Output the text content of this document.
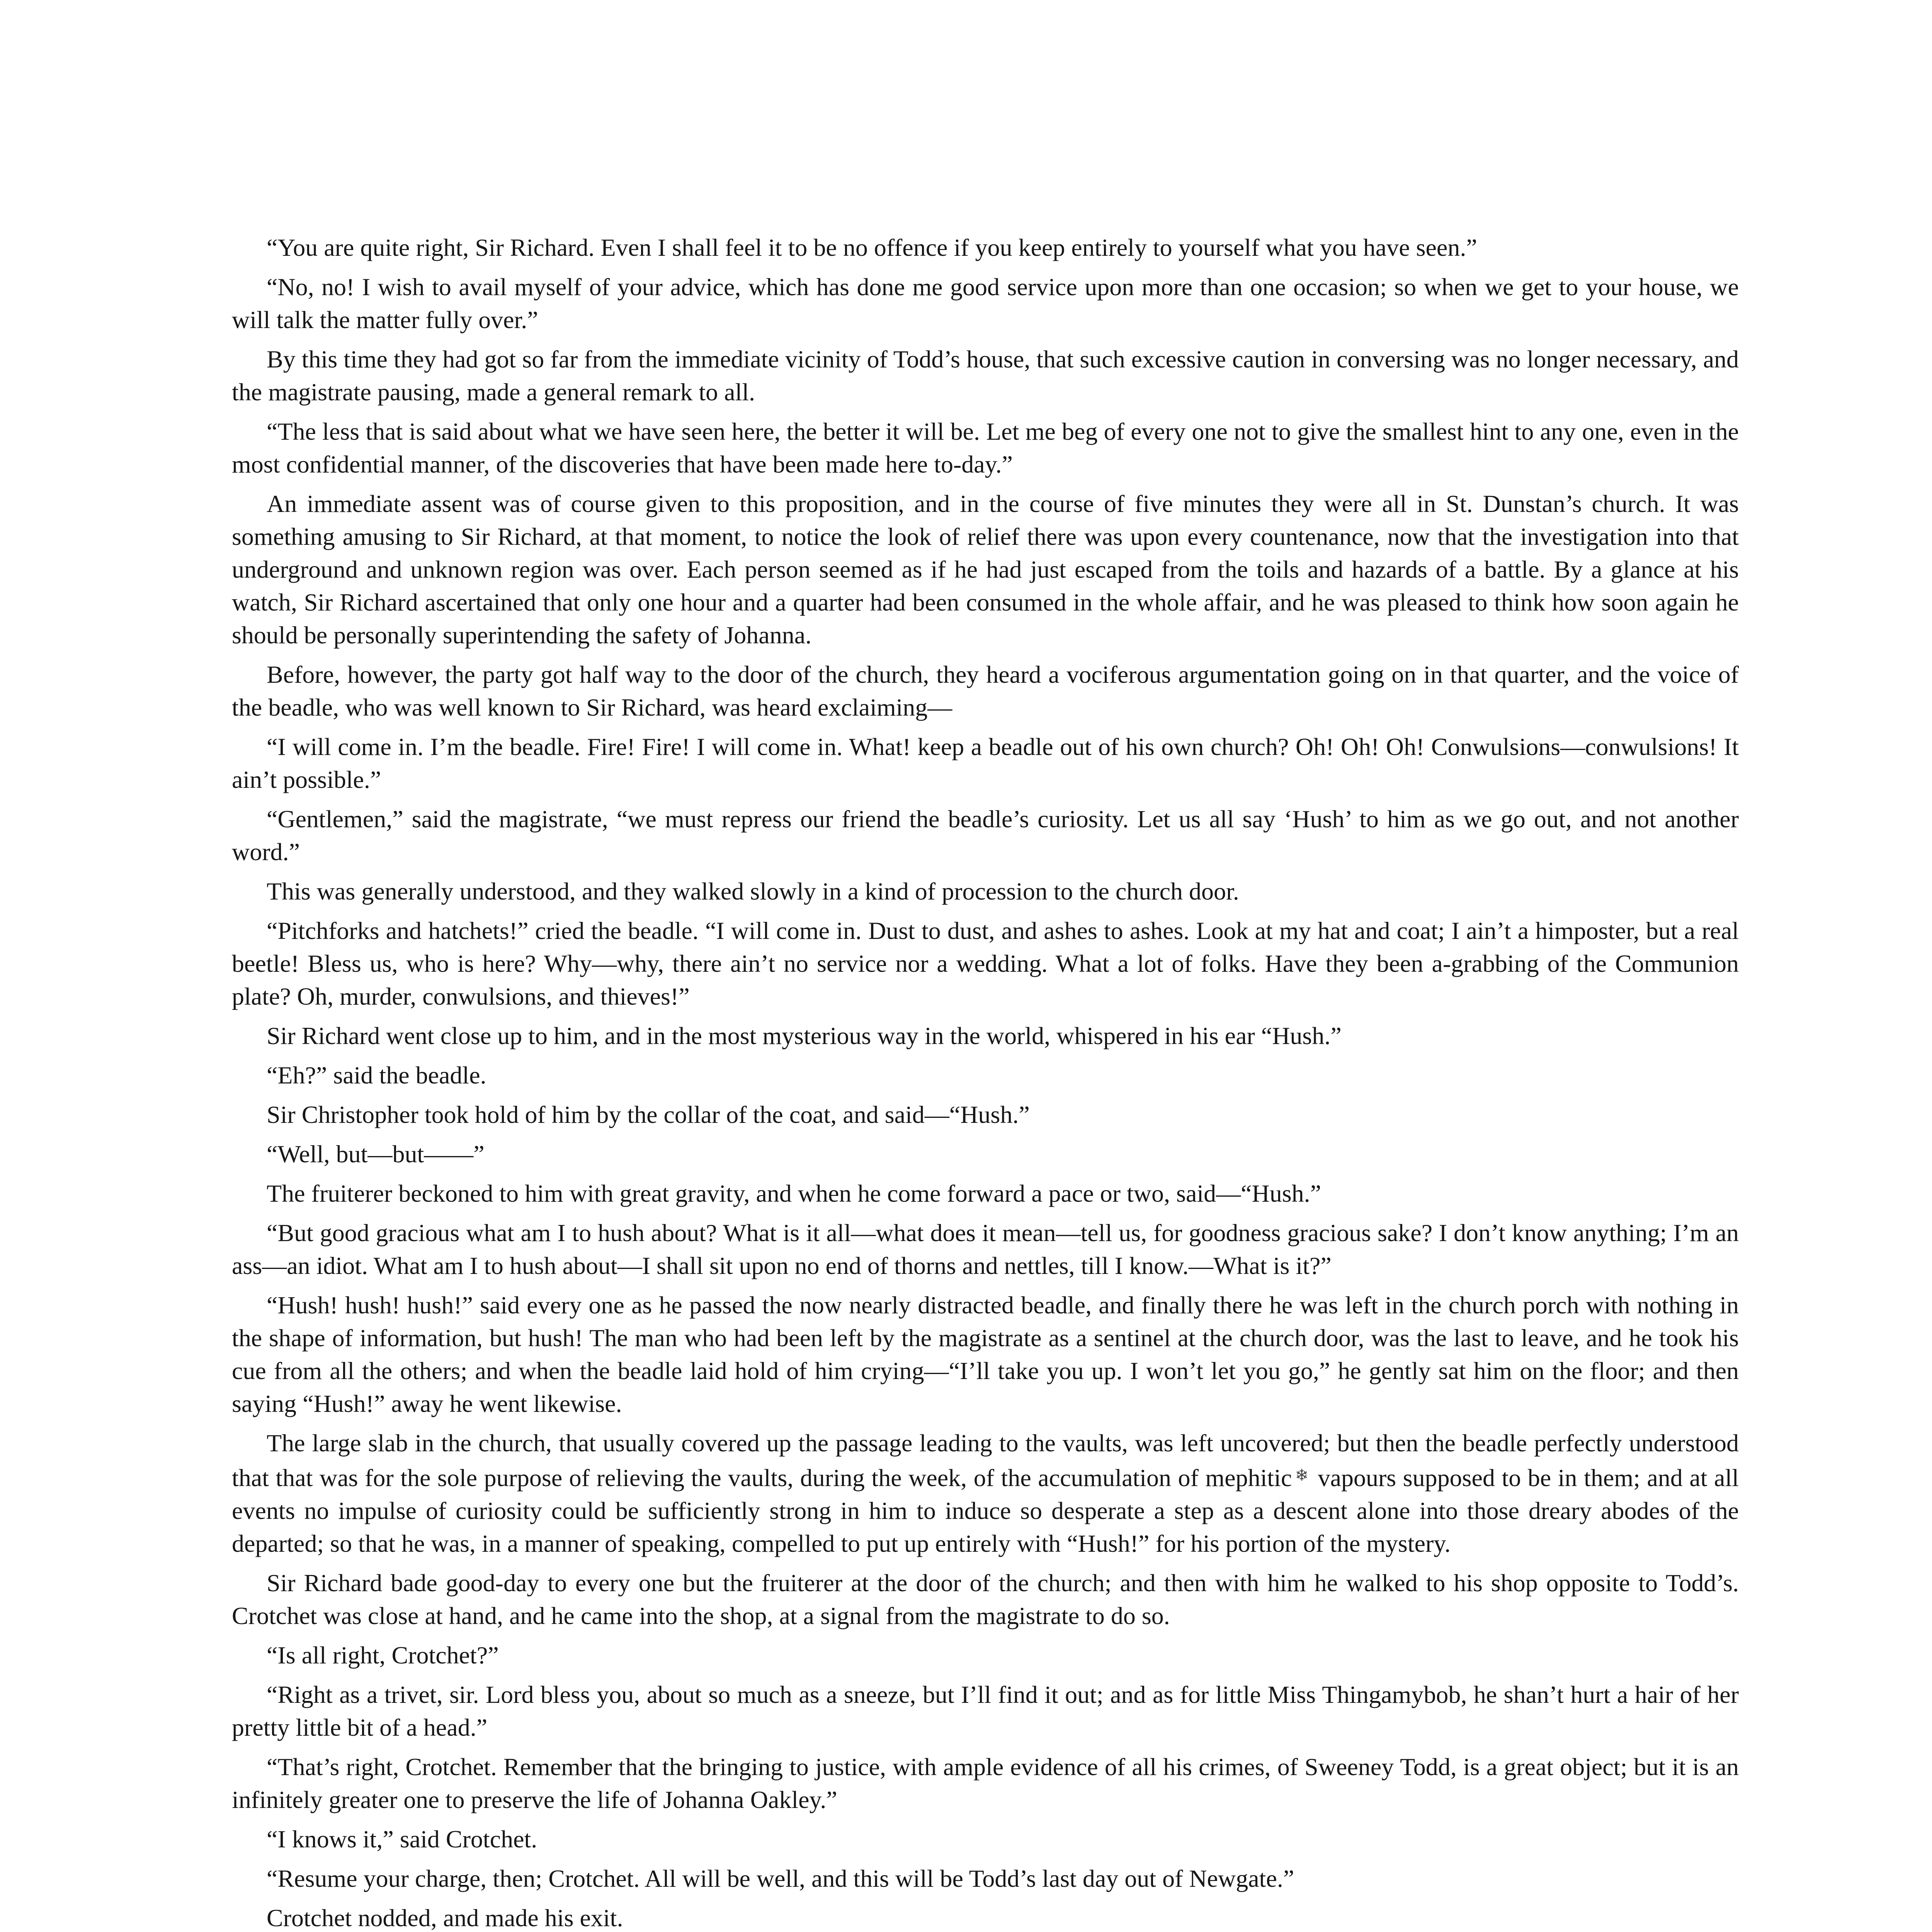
“You are quite right, Sir Richard. Even I shall feel it to be no offence if you keep entirely to yourself what you have seen.”

“No, no! I wish to avail myself of your advice, which has done me good service upon more than one occasion; so when we get to your house, we will talk the matter fully over.”

By this time they had got so far from the immediate vicinity of Todd’s house, that such excessive caution in conversing was no longer necessary, and the magistrate pausing, made a general remark to all.

“The less that is said about what we have seen here, the better it will be. Let me beg of every one not to give the smallest hint to any one, even in the most confidential manner, of the discoveries that have been made here to-day.”

An immediate assent was of course given to this proposition, and in the course of five minutes they were all in St. Dunstan’s church. It was something amusing to Sir Richard, at that moment, to notice the look of relief there was upon every countenance, now that the investigation into that underground and unknown region was over. Each person seemed as if he had just escaped from the toils and hazards of a battle. By a glance at his watch, Sir Richard ascertained that only one hour and a quarter had been consumed in the whole affair, and he was pleased to think how soon again he should be personally superintending the safety of Johanna.

Before, however, the party got half way to the door of the church, they heard a vociferous argumentation going on in that quarter, and the voice of the beadle, who was well known to Sir Richard, was heard exclaiming—

“I will come in. I’m the beadle. Fire! Fire! I will come in. What! keep a beadle out of his own church? Oh! Oh! Oh! Conwulsions—conwulsions! It ain’t possible.”

“Gentlemen,” said the magistrate, “we must repress our friend the beadle’s curiosity. Let us all say ‘Hush’ to him as we go out, and not another word.”

This was generally understood, and they walked slowly in a kind of procession to the church door.

“Pitchforks and hatchets!” cried the beadle. “I will come in. Dust to dust, and ashes to ashes. Look at my hat and coat; I ain’t a himposter, but a real beetle! Bless us, who is here? Why—why, there ain’t no service nor a wedding. What a lot of folks. Have they been a-grabbing of the Communion plate? Oh, murder, conwulsions, and thieves!”

Sir Richard went close up to him, and in the most mysterious way in the world, whispered in his ear “Hush.”

“Eh?” said the beadle.

Sir Christopher took hold of him by the collar of the coat, and said—“Hush.”

“Well, but—but——”

The fruiterer beckoned to him with great gravity, and when he come forward a pace or two, said—“Hush.”

“But good gracious what am I to hush about? What is it all—what does it mean—tell us, for goodness gracious sake? I don’t know anything; I’m an ass—an idiot. What am I to hush about—I shall sit upon no end of thorns and nettles, till I know.—What is it?”

“Hush! hush! hush!” said every one as he passed the now nearly distracted beadle, and finally there he was left in the church porch with nothing in the shape of information, but hush! The man who had been left by the magistrate as a sentinel at the church door, was the last to leave, and he took his cue from all the others; and when the beadle laid hold of him crying—“I’ll take you up. I won’t let you go,” he gently sat him on the floor; and then saying “Hush!” away he went likewise.

The large slab in the church, that usually covered up the passage leading to the vaults, was left uncovered; but then the beadle perfectly understood that that was for the sole purpose of relieving the vaults, during the week, of the accumulation of mephitic ❄ vapours supposed to be in them; and at all events no impulse of curiosity could be sufficiently strong in him to induce so desperate a step as a descent alone into those dreary abodes of the departed; so that he was, in a manner of speaking, compelled to put up entirely with “Hush!” for his portion of the mystery.

Sir Richard bade good-day to every one but the fruiterer at the door of the church; and then with him he walked to his shop opposite to Todd’s. Crotchet was close at hand, and he came into the shop, at a signal from the magistrate to do so.

“Is all right, Crotchet?”

“Right as a trivet, sir. Lord bless you, about so much as a sneeze, but I’ll find it out; and as for little Miss Thingamybob, he shan’t hurt a hair of her pretty little bit of a head.”

“That’s right, Crotchet. Remember that the bringing to justice, with ample evidence of all his crimes, of Sweeney Todd, is a great object; but it is an infinitely greater one to preserve the life of Johanna Oakley.”

“I knows it,” said Crotchet.

“Resume your charge, then; Crotchet. All will be well, and this will be Todd’s last day out of Newgate.”

Crotchet nodded, and made his exit.
